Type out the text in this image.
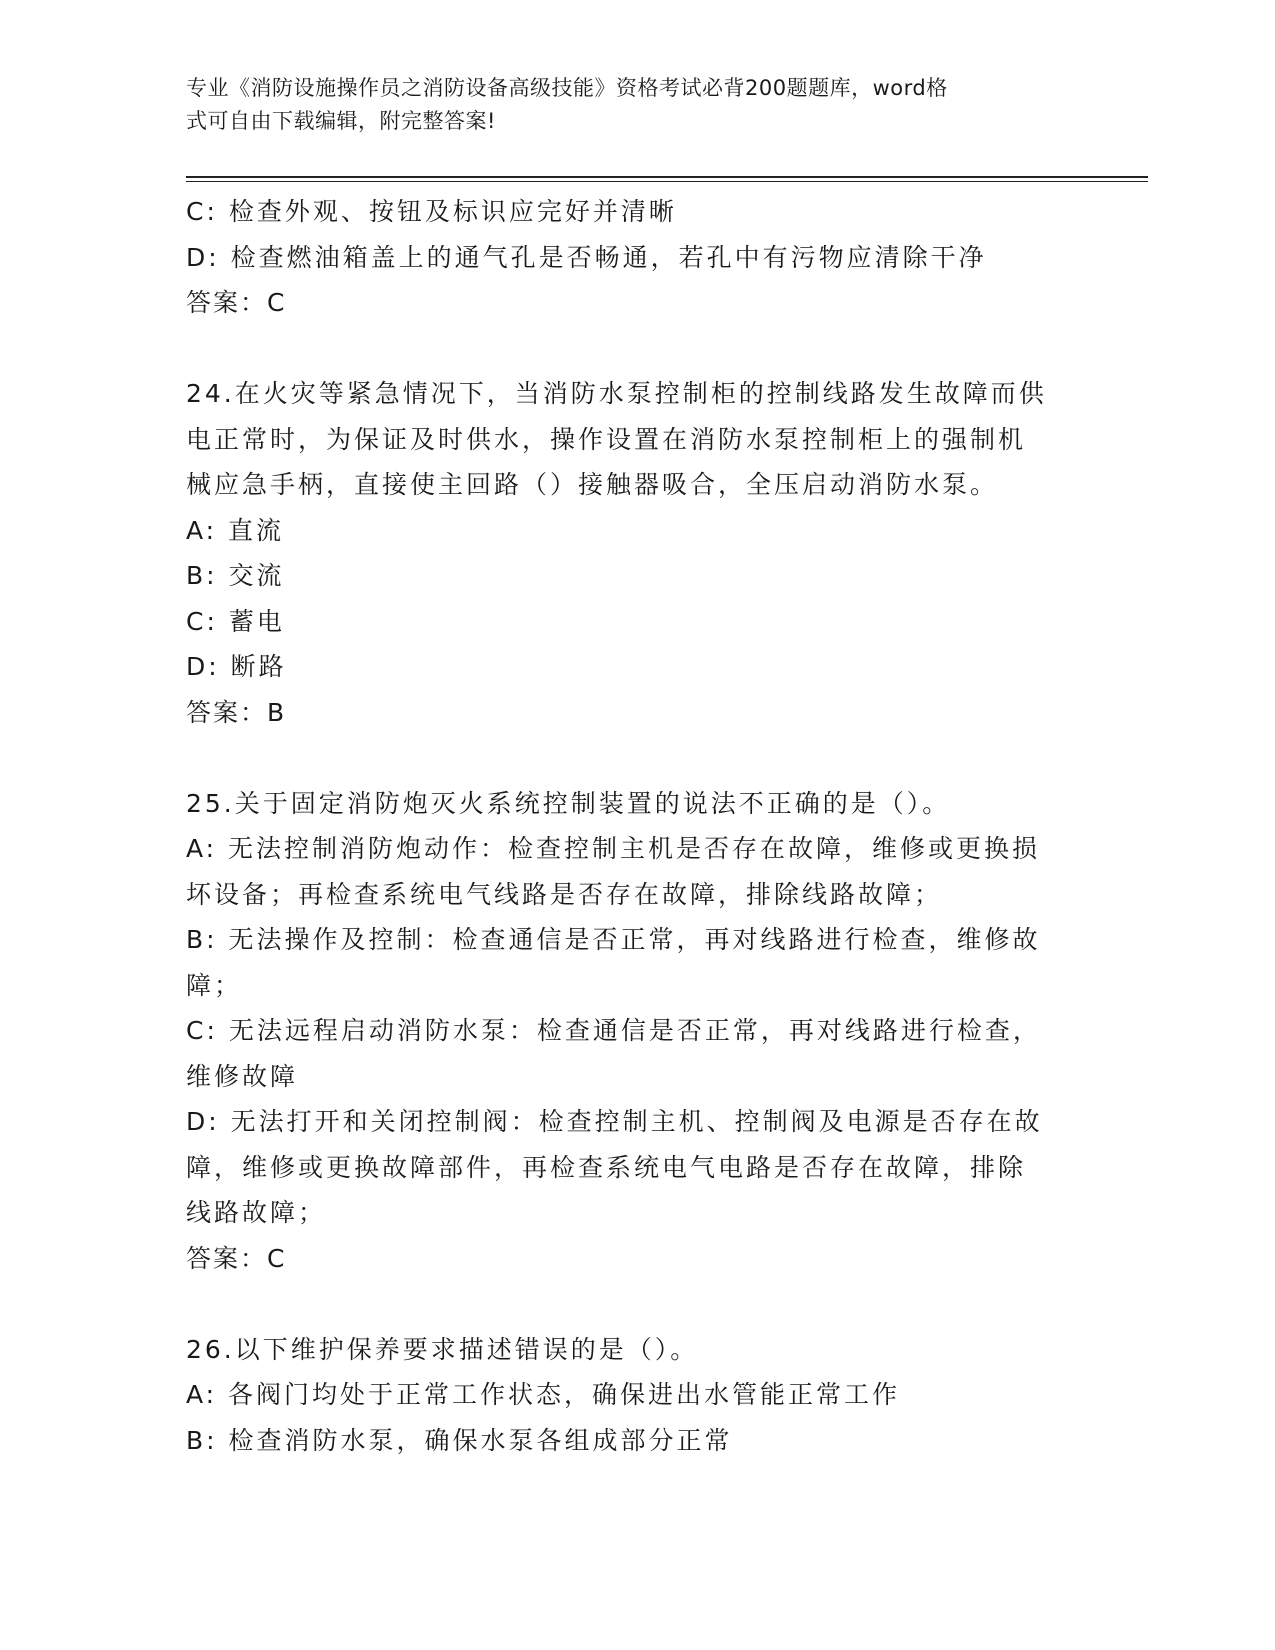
专业《消防设施操作员之消防设备高级技能》资格考试必背200题题库，word格
式可自由下载编辑，附完整答案!
C: 检查外观、按钮及标识应完好并清晰
D: 检查燃油箱盖上的通气孔是否畅通，若孔中有污物应清除干净
答案：C
24.在火灾等紧急情况下，当消防水泵控制柜的控制线路发生故障而供
电正常时，为保证及时供水，操作设置在消防水泵控制柜上的强制机
械应急手柄，直接使主回路（）接触器吸合，全压启动消防水泵。
A: 直流
B: 交流
C: 蓄电
D: 断路
答案：B
25.关于固定消防炮灭火系统控制装置的说法不正确的是（）。
A: 无法控制消防炮动作：检查控制主机是否存在故障，维修或更换损
坏设备；再检查系统电气线路是否存在故障，排除线路故障；
B: 无法操作及控制：检查通信是否正常，再对线路进行检查，维修故
障；
C: 无法远程启动消防水泵：检查通信是否正常，再对线路进行检查，
维修故障
D: 无法打开和关闭控制阀：检查控制主机、控制阀及电源是否存在故
障，维修或更换故障部件，再检查系统电气电路是否存在故障，排除
线路故障；
答案：C
26.以下维护保养要求描述错误的是（）。
A: 各阀门均处于正常工作状态，确保进出水管能正常工作
B: 检查消防水泵，确保水泵各组成部分正常
